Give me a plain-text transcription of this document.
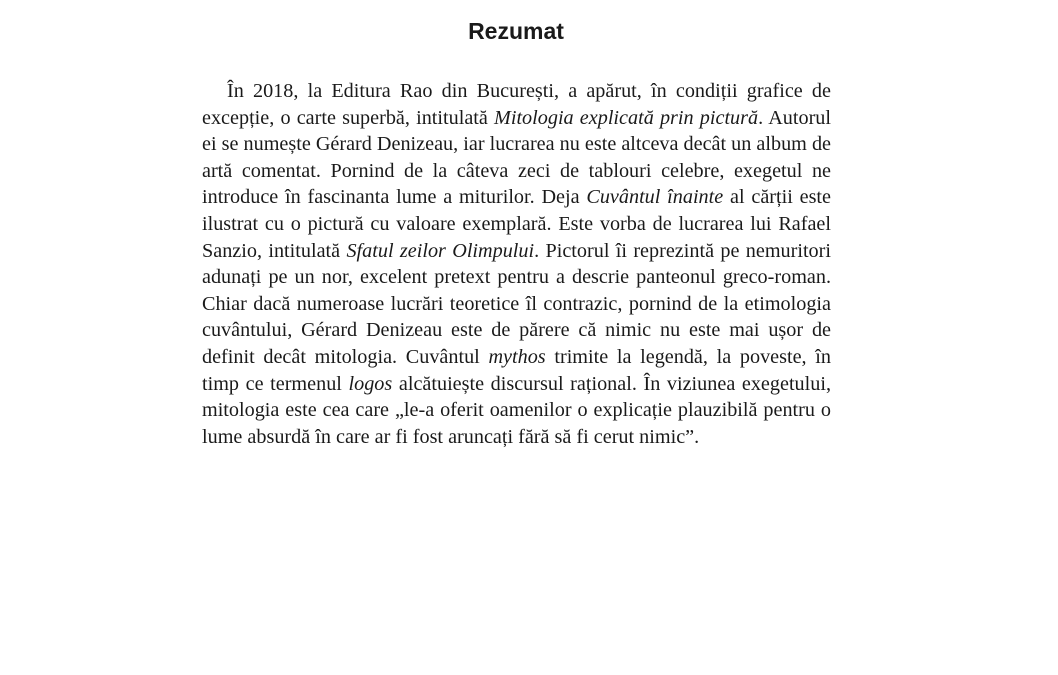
Rezumat

În 2018, la Editura Rao din București, a apărut, în condiții grafice de excepție, o carte superbă, intitulată Mitologia explicată prin pictură. Autorul ei se numește Gérard Denizeau, iar lucrarea nu este altceva decât un album de artă comentat. Pornind de la câteva zeci de tablouri celebre, exegetul ne introduce în fascinanta lume a miturilor. Deja Cuvântul înainte al cărții este ilustrat cu o pictură cu valoare exemplară. Este vorba de lucrarea lui Rafael Sanzio, intitulată Sfatul zeilor Olimpului. Pictorul îi reprezintă pe nemuritori adunați pe un nor, excelent pretext pentru a descrie panteonul greco-roman. Chiar dacă numeroase lucrări teoretice îl contrazic, pornind de la etimologia cuvântului, Gérard Denizeau este de părere că nimic nu este mai ușor de definit decât mitologia. Cuvântul mythos trimite la legendă, la poveste, în timp ce termenul logos alcătuiește discursul rațional. În viziunea exegetului, mitologia este cea care „le-a oferit oamenilor o explicație plauzibilă pentru o lume absurdă în care ar fi fost aruncați fără să fi cerut nimic”.
